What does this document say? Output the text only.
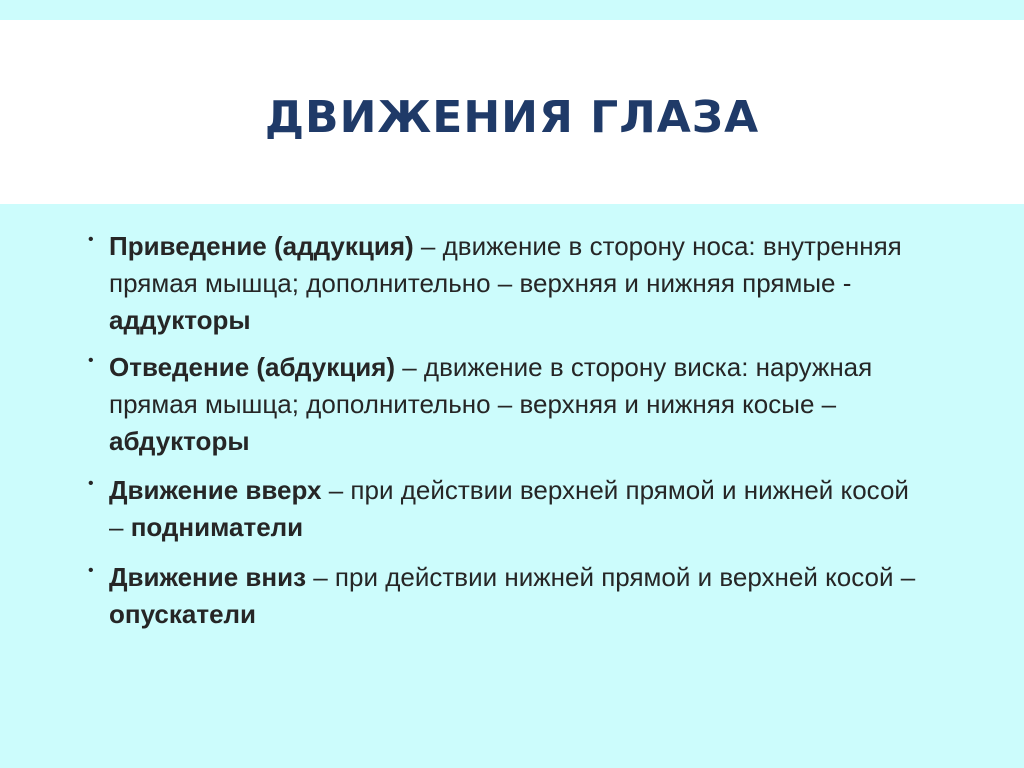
ДВИЖЕНИЯ ГЛАЗА
• Приведение (аддукция) – движение в сторону носа: внутренняя прямая мышца; дополнительно – верхняя и нижняя прямые - аддукторы
• Отведение (абдукция) – движение в сторону виска: наружная прямая мышца; дополнительно – верхняя и нижняя косые – абдукторы
• Движение вверх – при действии верхней прямой и нижней косой – подниматели
• Движение вниз – при действии нижней прямой и верхней косой – опускатели
